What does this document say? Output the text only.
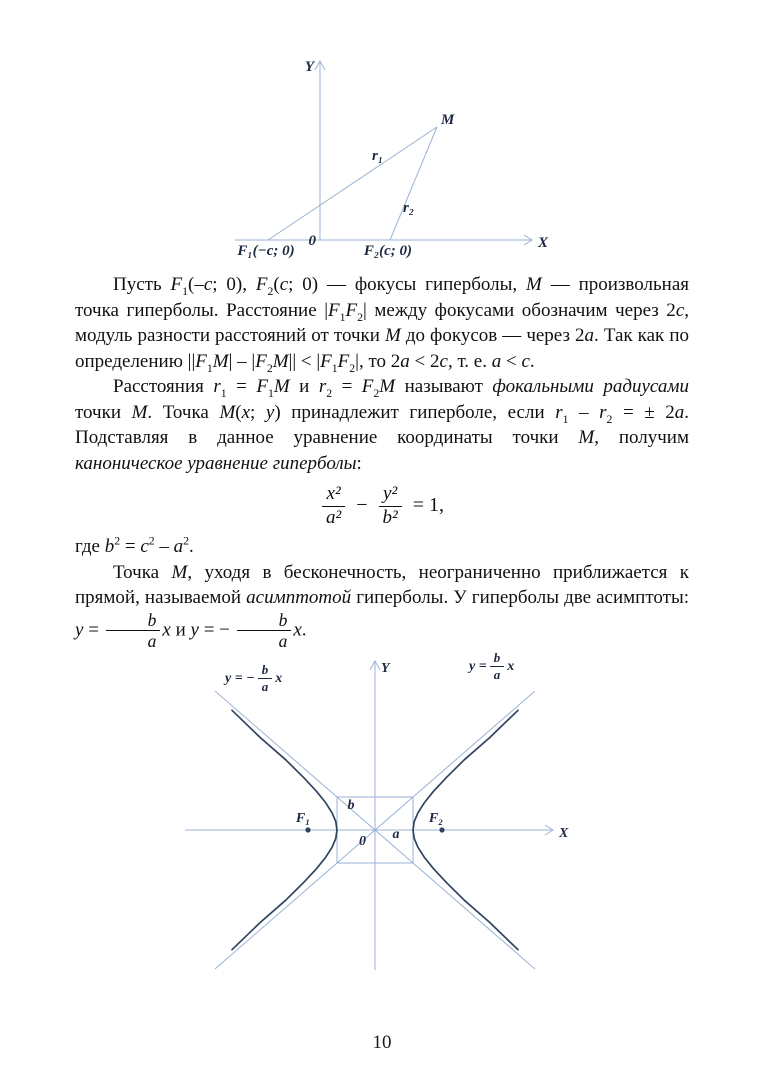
Y
X
M
r₁
r₂
0
F₁(−c; 0)	F₂(c; 0)

Пусть $F_1(-c$; 0), $F_2(c$; 0) — фокусы гиперболы, M — произвольная точка гиперболы. Расстояние $|F_1F_2|$ между фокусами обозначим через 2c, модуль разности расстояний от точки M до фокусов — через 2a. Так как по определению $||F_1M| - |F_2M|| < |F_1F_2|$, то 2a < 2c, т. е. a < c.

Расстояния $r_1 = F_1M$ и $r_2 = F_2M$ называют фокальными радиусами точки M. Точка M(x; y) принадлежит гиперболе, если $r_1 - r_2$ = ± 2a. Подставляя в данное уравнение координаты точки M, получим каноническое уравнение гиперболы:

$\frac{\text{x²}}{\text{a²}} - \frac{\text{y²}}{\text{b²}} = 1$,

где $b^2 = c^2 - a^2$.

Точка M, уходя в бесконечность, неограниченно приближается к прямой, называемой асимптотой гиперболы. У гиперболы две асимптоты: $y = \frac{b}{a}$ x и y = − $\frac{b}{a} x$.

Y
X
0
b
a
F₁	F₂
y = − $\frac{b}{a}$ x
$y = \frac{b}{a}$ x
10
